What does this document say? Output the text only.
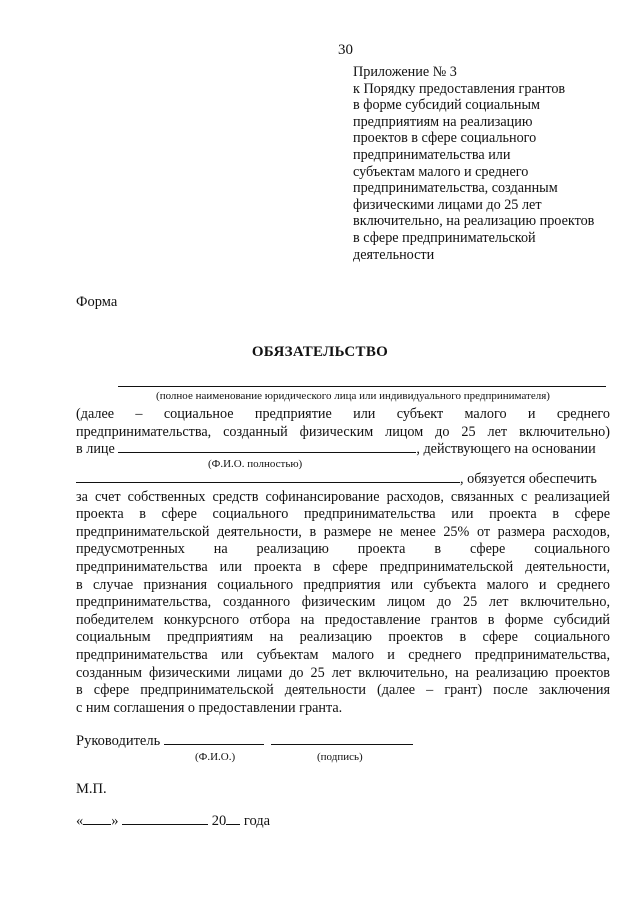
30
Приложение № 3
к Порядку предоставления грантов
в форме субсидий социальным
предприятиям на реализацию
проектов в сфере социального
предпринимательства или
субъектам малого и среднего
предпринимательства, созданным
физическими лицами до 25 лет
включительно, на реализацию проектов
в сфере предпринимательской
деятельности
Форма
ОБЯЗАТЕЛЬСТВО
(полное наименование юридического лица или индивидуального предпринимателя)
(далее – социальное предприятие или субъект малого и среднего
предпринимательства, созданный физическим лицом до 25 лет включительно)
в лице	, действующего на основании
(Ф.И.О. полностью)
, обязуется обеспечить
за счет собственных средств софинансирование расходов, связанных с реализацией
проекта в сфере социального предпринимательства или проекта в сфере
предпринимательской деятельности, в размере не менее 25% от размера расходов,
предусмотренных на реализацию проекта в сфере социального
предпринимательства или проекта в сфере предпринимательской деятельности,
в случае признания социального предприятия или субъекта малого и среднего
предпринимательства, созданного физическим лицом до 25 лет включительно,
победителем конкурсного отбора на предоставление грантов в форме субсидий
социальным предприятиям на реализацию проектов в сфере социального
предпринимательства или субъектам малого и среднего предпринимательства,
созданным физическими лицами до 25 лет включительно, на реализацию проектов
в сфере предпринимательской деятельности (далее – грант) после заключения
с ним соглашения о предоставлении гранта.
Руководитель
(Ф.И.О.)	(подпись)
М.П.
« »	20 года
